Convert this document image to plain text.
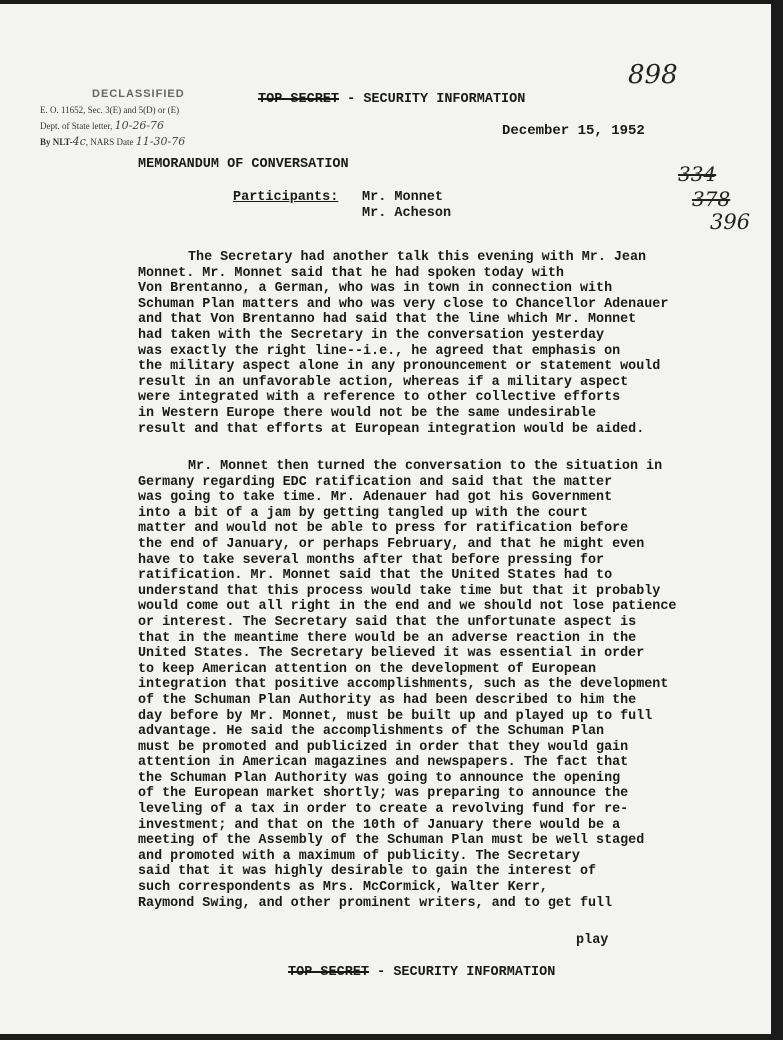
898
DECLASSIFIED
E. O. 11652, Sec. 3(E) and 5(D) or (E)
Dept. of State letter, 10-26-76
By NLT-4c, NARS Date 11-30-76
TOP SECRET - SECURITY INFORMATION
December 15, 1952
MEMORANDUM OF CONVERSATION	334
378
396
Participants: Mr. Monnet
Mr. Acheson
The Secretary had another talk this evening with Mr. Jean
Monnet. Mr. Monnet said that he had spoken today with
Von Brentanno, a German, who was in town in connection with
Schuman Plan matters and who was very close to Chancellor Adenauer
and that Von Brentanno had said that the line which Mr. Monnet
had taken with the Secretary in the conversation yesterday
was exactly the right line--i.e., he agreed that emphasis on
the military aspect alone in any pronouncement or statement would
result in an unfavorable action, whereas if a military aspect
were integrated with a reference to other collective efforts
in Western Europe there would not be the same undesirable
result and that efforts at European integration would be aided.
Mr. Monnet then turned the conversation to the situation in
Germany regarding EDC ratification and said that the matter
was going to take time. Mr. Adenauer had got his Government
into a bit of a jam by getting tangled up with the court
matter and would not be able to press for ratification before
the end of January, or perhaps February, and that he might even
have to take several months after that before pressing for
ratification. Mr. Monnet said that the United States had to
understand that this process would take time but that it probably
would come out all right in the end and we should not lose patience
or interest. The Secretary said that the unfortunate aspect is
that in the meantime there would be an adverse reaction in the
United States. The Secretary believed it was essential in order
to keep American attention on the development of European
integration that positive accomplishments, such as the development
of the Schuman Plan Authority as had been described to him the
day before by Mr. Monnet, must be built up and played up to full
advantage. He said the accomplishments of the Schuman Plan
must be promoted and publicized in order that they would gain
attention in American magazines and newspapers. The fact that
the Schuman Plan Authority was going to announce the opening
of the European market shortly; was preparing to announce the
leveling of a tax in order to create a revolving fund for re-
investment; and that on the 10th of January there would be a
meeting of the Assembly of the Schuman Plan must be well staged
and promoted with a maximum of publicity. The Secretary
said that it was highly desirable to gain the interest of
such correspondents as Mrs. McCormick, Walter Kerr,
Raymond Swing, and other prominent writers, and to get full
play
TOP SECRET - SECURITY INFORMATION
